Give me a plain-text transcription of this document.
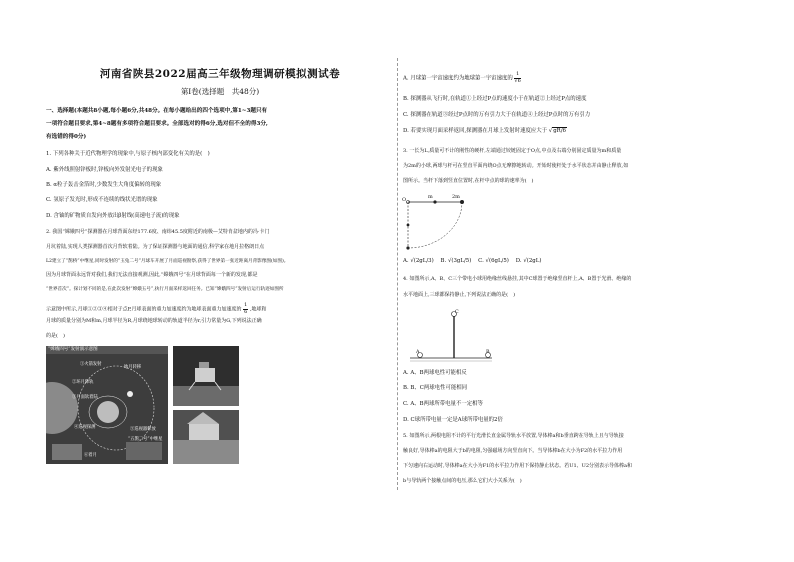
河南省陕县2022届高三年级物理调研模拟测试卷
第Ⅰ卷(选择题　共48分)
一、选择题(本题共8小题,每小题6分,共48分。在每小题给出的四个选项中,第1~3题只有
一项符合题目要求,第4~8题有多项符合题目要求。全部选对的得6分,选对但不全的得3分,
有选错的得0分)
1. 下列各种关于近代物理学的现象中,与原子核内部变化有关的是(　)
A. 紫外线照射锌板时,锌板向外发射光电子的现象
B. α粒子轰击金箔时,少数发生大角度偏转的现象
C. 氢原子发光时,形成不连续的线状光谱的现象
D. 含铀的矿物质自发向外放出β射线(高速电子流)的现象
2. 我国“嫦娥四号”探测器在月球背面东经177.6度、南纬45.5度附近的南极—艾特肯盆地内的冯·卡门
月坑着陆,实现人类探测器首次月背软着陆。为了保证探测器与地面的通信,科学家在地月拉格朗日点
L2建立了“鹊桥”中继星,同时发射的“玉兔二号”月球车开展了月面巡视勘察,获得了世界第一张近距离月背影像图(如图)。
因为月球背面永远背对我们,我们无法直接观测,因此,“嫦娥四号”在月球背面每一个新的发现,都是
“世界首次”。探计划不同的是,在此次发射“嫦娥五号”,执行月面采样返回任务。已知“嫦娥四号”发射后运行轨迹如图所
示意图中所示,月球①②③④相对于点P,月球表面的重力加速度约为地球表面重力加速度的 $\frac{1}{6}$ ,地球和
月球的质量分别为M和m,月球半径为R,月球绕地球转动的轨道半径为r,引力常量为G,下列说法正确
的是(　)
“嫦娥四号”发射演示意图
①火箭发射
②环月降轨
地月转移
③月面软着陆
④巡视探测	⑤巡视器释放
“五鹊二号”中继星
⑥着月
A. 月球第一宇宙速度约为地球第一宇宙速度的 $\frac{1}{√6}$
B. 探测器从飞行时,在轨道①上经过P点的速度小于在轨道②上经过P点的速度
C. 探测器在轨道③经过P点时的万有引力大于在轨道④上经过P点时的万有引力
D. 若要实现月面采样返回,探测器在月球上发射时速度应大于 √gR/6
3. 一长为L,质量可不计的刚性的硬杆,左端通过铰链固定于O点,中点及右端分别固定质量为m和质量
为2m的小球,两球与杆可在竖直平面内绕O点无摩擦地转动。开始时使杆处于水平状态并由静止释放,如
图所示。当杆下落到竖直位置时,在杆中点的球的速率为(　)
O	m	2m
A. √(2gL/3) B. √(3gL/5) C. √(6gL/5) D. √(2gL)
4. 如图所示,A、B、C三个带电小球用绝缘丝线悬挂,其中C球置于绝缘竖直杆上,A、B置于光滑、绝缘的
水平地面上,三球都保持静止,下列说法正确的是(　)
C
A	B
A. A、B两球电性可能相反
B. B、C两球电性可能相同
C. A、B两球所带电量不一定相等
D. C球所带电量一定是A球所带电量的2倍
5. 如图所示,两根电阻不计的平行光滑长直金属导轨水平放置,导体棒a和b垂直跨在导轨上且与导轨接
触良好,导体棒a的电阻大于b的电阻,匀强磁场方向竖直向下。当导体棒b在大小为F2的水平拉力作用
下匀速向右运动时,导体棒a在大小为F1的水平拉力作用下保持静止状态。若U1、U2分别表示导体棒a和
b与导轨两个接触点间的电压,那么它们大小关系为(　)
